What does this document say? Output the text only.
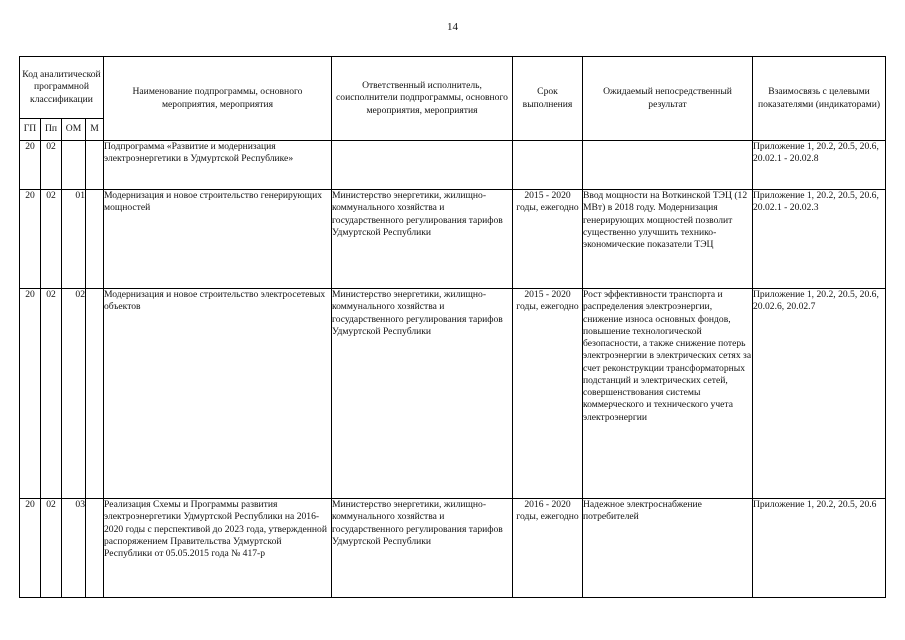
14
Код аналитической программной классификации				Наименование подпрограммы, основного мероприятия, мероприятия	Ответственный исполнитель, соисполнители подпрограммы, основного мероприятия, мероприятия	Срок выполнения	Ожидаемый непосредственный результат	Взаимосвязь с целевыми показателями (индикаторами)
ГП	Пп	ОМ	М					
20	02			Подпрограмма «Развитие и модернизация электроэнергетики в Удмуртской Республике»				Приложение 1, 20.2, 20.5, 20.6, 20.02.1 - 20.02.8
20	02	01		Модернизация и новое строительство генерирующих мощностей	Министерство энергетики, жилищно-коммунального хозяйства и государственного регулирования тарифов Удмуртской Республики	2015 - 2020 годы, ежегодно	Ввод мощности на Воткинской ТЭЦ (12 МВт) в 2018 году. Модернизация генерирующих мощностей позволит существенно улучшить технико-экономические показатели ТЭЦ	Приложение 1, 20.2, 20.5, 20.6, 20.02.1 - 20.02.3
20	02	02		Модернизация и новое строительство электросетевых объектов	Министерство энергетики, жилищно-коммунального хозяйства и государственного регулирования тарифов Удмуртской Республики	2015 - 2020 годы, ежегодно	Рост эффективности транспорта и распределения электроэнергии, снижение износа основных фондов, повышение технологической безопасности, а также снижение потерь электроэнергии в электрических сетях за счет реконструкции трансформаторных подстанций и электрических сетей, совершенствования системы коммерческого и технического учета электроэнергии	Приложение 1, 20.2, 20.5, 20.6, 20.02.6, 20.02.7
20	02	03		Реализация Схемы и Программы развития электроэнергетики Удмуртской Республики на 2016-2020 годы с перспективой до 2023 года, утвержденной распоряжением Правительства Удмуртской Республики от 05.05.2015 года № 417-р	Министерство энергетики, жилищно-коммунального хозяйства и государственного регулирования тарифов Удмуртской Республики	2016 - 2020 годы, ежегодно	Надежное электроснабжение потребителей	Приложение 1, 20.2, 20.5, 20.6
